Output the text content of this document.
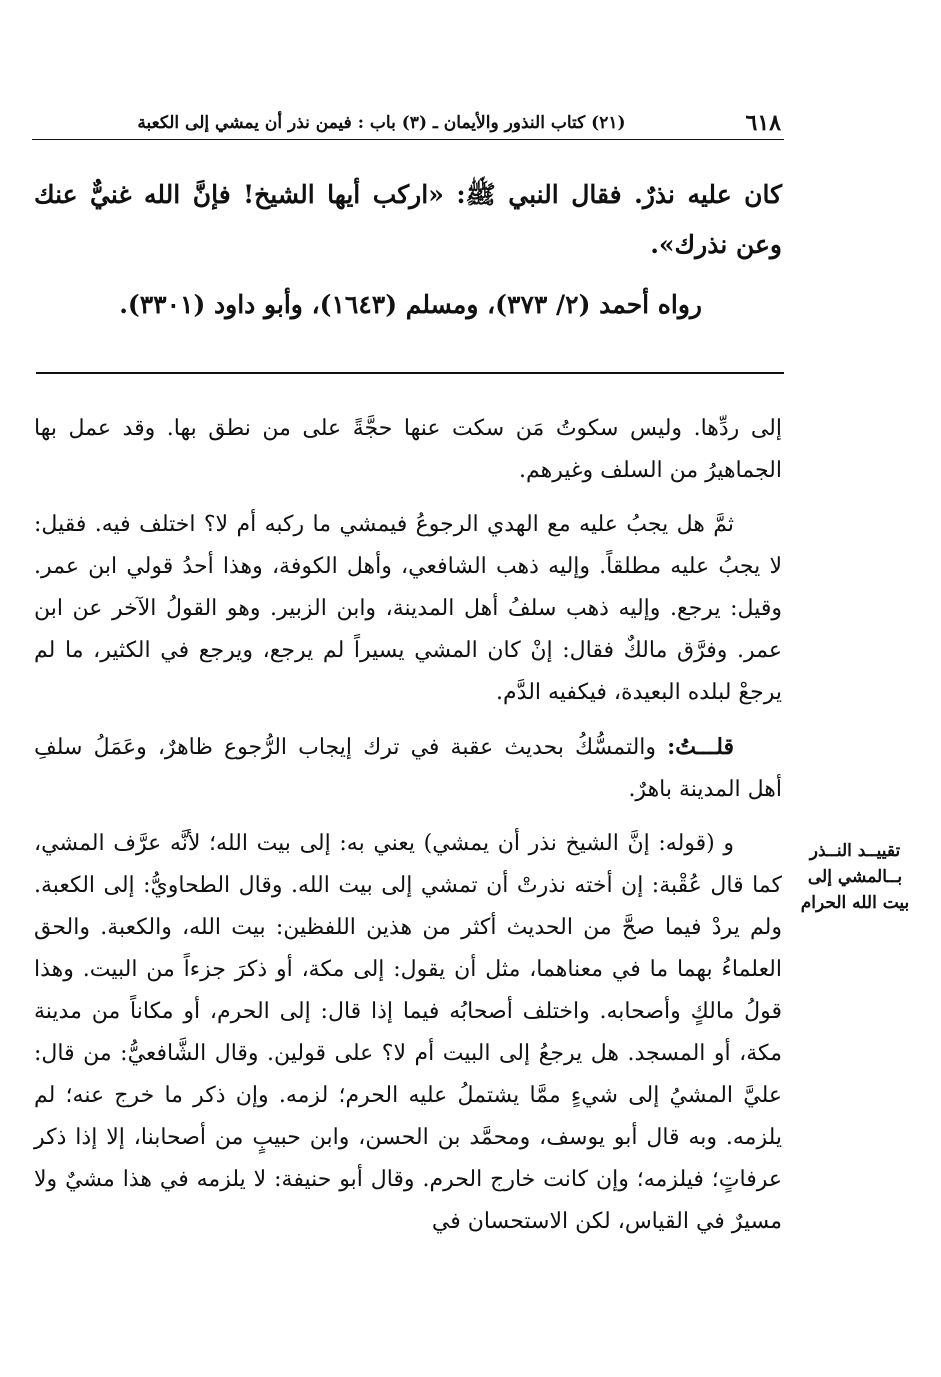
٦١٨
(٢١) كتاب النذور والأيمان ـ (٣) باب : فيمن نذر أن يمشي إلى الكعبة

كان عليه نذرٌ. فقال النبي ﷺ: «اركب أيها الشيخ! فإنَّ الله غنيٌّ عنك وعن نذرك».

رواه أحمد (٢/ ٣٧٣)، ومسلم (١٦٤٣)، وأبو داود (٣٣٠١).

إلى ردِّها. وليس سكوتُ مَن سكت عنها حجَّةً على من نطق بها. وقد عمل بها الجماهيرُ من السلف وغيرهم.

ثمَّ هل يجبُ عليه مع الهدي الرجوعُ فيمشي ما ركبه أم لا؟ اختلف فيه. فقيل: لا يجبُ عليه مطلقاً. وإليه ذهب الشافعي، وأهل الكوفة، وهذا أحدُ قولي ابن عمر. وقيل: يرجع. وإليه ذهب سلفُ أهل المدينة، وابن الزبير. وهو القولُ الآخر عن ابن عمر. وفرَّق مالكٌ فقال: إنْ كان المشي يسيراً لم يرجع، ويرجع في الكثير، ما لم يرجعْ لبلده البعيدة، فيكفيه الدَّم.

قلـــتُ: والتمسُّكُ بحديث عقبة في ترك إيجاب الرُّجوع ظاهرٌ، وعَمَلُ سلفِ أهل المدينة باهرٌ.

و (قوله: إنَّ الشيخ نذر أن يمشي) يعني به: إلى بيت الله؛ لأنَّه عرَّف المشي، كما قال عُقْبة: إن أخته نذرتْ أن تمشي إلى بيت الله. وقال الطحاويُّ: إلى الكعبة. ولم يردْ فيما صحَّ من الحديث أكثر من هذين اللفظين: بيت الله، والكعبة. والحق العلماءُ بهما ما في معناهما، مثل أن يقول: إلى مكة، أو ذكرَ جزءاً من البيت. وهذا قولُ مالكٍ وأصحابه. واختلف أصحابُه فيما إذا قال: إلى الحرم، أو مكاناً من مدينة مكة، أو المسجد. هل يرجعُ إلى البيت أم لا؟ على قولين. وقال الشَّافعيُّ: من قال: عليَّ المشيُ إلى شيءٍ ممَّا يشتملُ عليه الحرم؛ لزمه. وإن ذكر ما خرج عنه؛ لم يلزمه. وبه قال أبو يوسف، ومحمَّد بن الحسن، وابن حبيبٍ من أصحابنا، إلا إذا ذكر عرفاتٍ؛ فيلزمه؛ وإن كانت خارج الحرم. وقال أبو حنيفة: لا يلزمه في هذا مشيٌ ولا مسيرٌ في القياس، لكن الاستحسان في

تقييــد النــذر
بــالمشي إلى
بيت الله الحرام
